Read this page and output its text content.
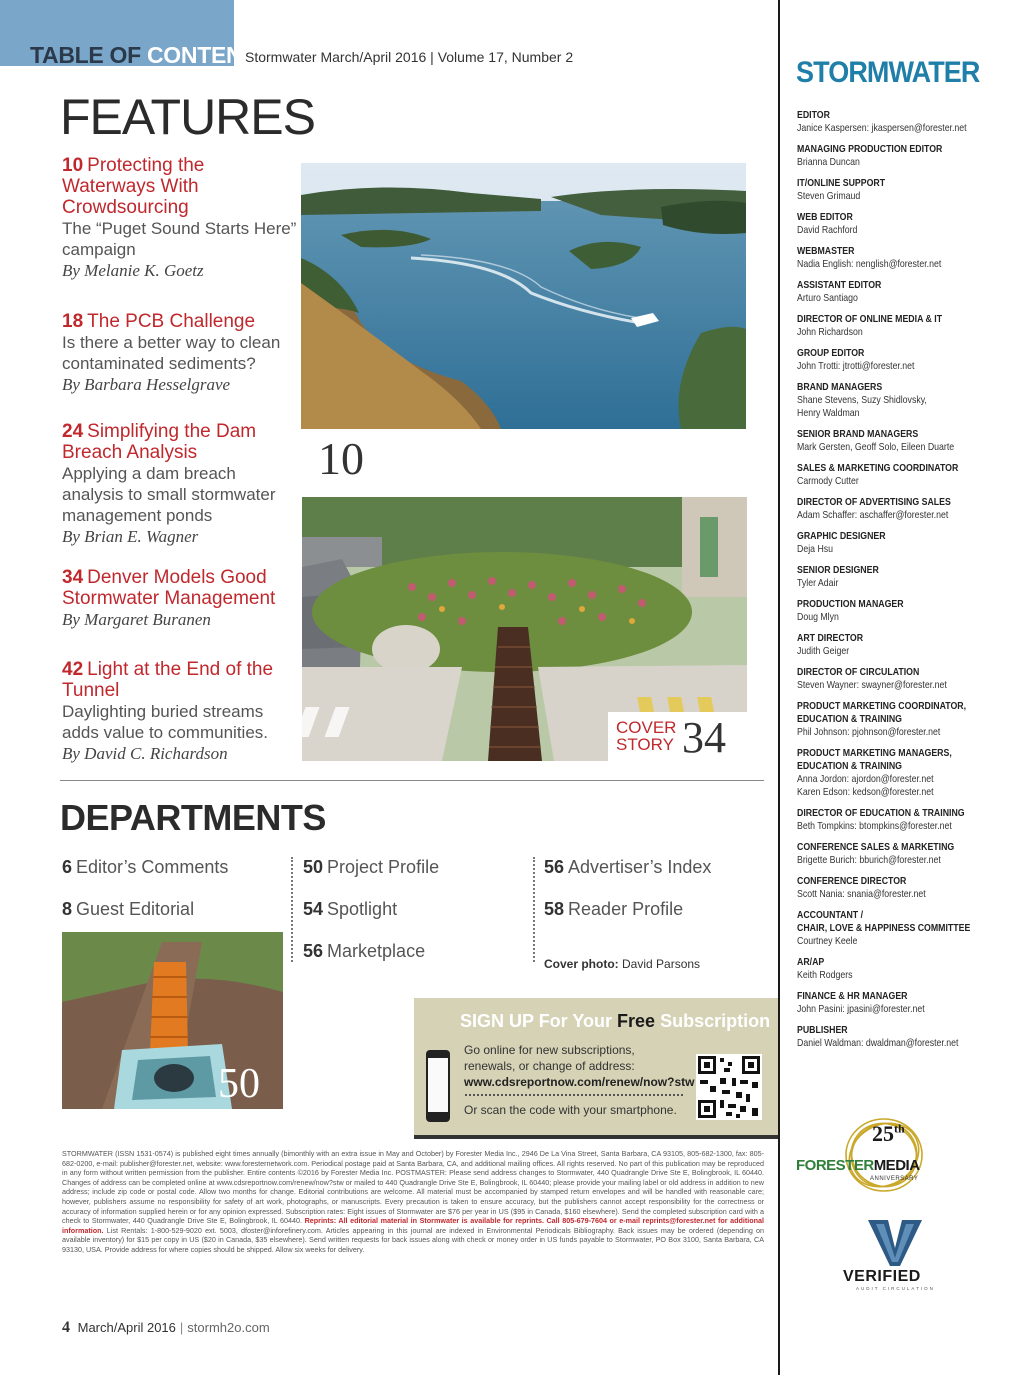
TABLE OF CONTENTS
Stormwater March/April 2016 | Volume 17, Number 2
FEATURES
10 Protecting the Waterways With Crowdsourcing
The “Puget Sound Starts Here” campaign
By Melanie K. Goetz
18 The PCB Challenge
Is there a better way to clean contaminated sediments?
By Barbara Hesselgrave
24 Simplifying the Dam Breach Analysis
Applying a dam breach analysis to small stormwater management ponds
By Brian E. Wagner
34 Denver Models Good Stormwater Management
By Margaret Buranen
42 Light at the End of the Tunnel
Daylighting buried streams adds value to communities.
By David C. Richardson
10
COVER
STORY 34
DEPARTMENTS
6 Editor’s Comments
8 Guest Editorial
50 Project Profile
54 Spotlight
56 Marketplace
56 Advertiser’s Index
58 Reader Profile
50
Cover photo: David Parsons
SIGN UP For Your Free Subscription
Go online for new subscriptions,
renewals, or change of address:
www.cdsreportnow.com/renew/now?stw
Or scan the code with your smartphone.
STORMWATER (ISSN 1531-0574) is published eight times annually (bimonthly with an extra issue in May and October) by Forester Media Inc., 2946 De La Vina Street, Santa Barbara, CA 93105, 805-682-1300, fax: 805-682-0200, e-mail: publisher@forester.net, website: www.foresternetwork.com. Periodical postage paid at Santa Barbara, CA, and additional mailing offices. All rights reserved. No part of this publication may be reproduced in any form without written permission from the publisher. Entire contents ©2016 by Forester Media Inc. POSTMASTER: Please send address changes to Stormwater, 440 Quadrangle Drive Ste E, Bolingbrook, IL 60440. Changes of address can be completed online at www.cdsreportnow.com/renew/now?stw or mailed to 440 Quadrangle Drive Ste E, Bolingbrook, IL 60440; please provide your mailing label or old address in addition to new address; include zip code or postal code. Allow two months for change. Editorial contributions are welcome. All material must be accompanied by stamped return envelopes and will be handled with reasonable care; however, publishers assume no responsibility for safety of art work, photographs, or manuscripts. Every precaution is taken to ensure accuracy, but the publishers cannot accept responsibility for the correctness or accuracy of information supplied herein or for any opinion expressed. Subscription rates: Eight issues of Stormwater are $76 per year in US ($95 in Canada, $160 elsewhere). Send the completed subscription card with a check to Stormwater, 440 Quadrangle Drive Ste E, Bolingbrook, IL 60440. Reprints: All editorial material in Stormwater is available for reprints. Call 805-679-7604 or e-mail reprints@forester.net for additional information. List Rentals: 1-800-529-9020 ext. 5003, dfoster@inforefinery.com. Articles appearing in this journal are indexed in Environmental Periodicals Bibliography. Back issues may be ordered (depending on available inventory) for $15 per copy in US ($20 in Canada, $35 elsewhere). Send written requests for back issues along with check or money order in US funds payable to Stormwater, PO Box 3100, Santa Barbara, CA 93130, USA. Provide address for where copies should be shipped. Allow six weeks for delivery.
4 March/April 2016 | stormh2o.com
STORMWATER
EDITOR
Janice Kaspersen: jkaspersen@forester.net
MANAGING PRODUCTION EDITOR
Brianna Duncan
IT/ONLINE SUPPORT
Steven Grimaud
WEB EDITOR
David Rachford
WEBMASTER
Nadia English: nenglish@forester.net
ASSISTANT EDITOR
Arturo Santiago
DIRECTOR OF ONLINE MEDIA & IT
John Richardson
GROUP EDITOR
John Trotti: jtrotti@forester.net
BRAND MANAGERS
Shane Stevens, Suzy Shidlovsky,
Henry Waldman
SENIOR BRAND MANAGERS
Mark Gersten, Geoff Solo, Eileen Duarte
SALES & MARKETING COORDINATOR
Carmody Cutter
DIRECTOR OF ADVERTISING SALES
Adam Schaffer: aschaffer@forester.net
GRAPHIC DESIGNER
Deja Hsu
SENIOR DESIGNER
Tyler Adair
PRODUCTION MANAGER
Doug Mlyn
ART DIRECTOR
Judith Geiger
DIRECTOR OF CIRCULATION
Steven Wayner: swayner@forester.net
PRODUCT MARKETING COORDINATOR,
EDUCATION & TRAINING
Phil Johnson: pjohnson@forester.net
PRODUCT MARKETING MANAGERS,
EDUCATION & TRAINING
Anna Jordon: ajordon@forester.net
Karen Edson: kedson@forester.net
DIRECTOR OF EDUCATION & TRAINING
Beth Tompkins: btompkins@forester.net
CONFERENCE SALES & MARKETING
Brigette Burich: bburich@forester.net
CONFERENCE DIRECTOR
Scott Nania: snania@forester.net
ACCOUNTANT /
CHAIR, LOVE & HAPPINESS COMMITTEE
Courtney Keele
AR/AP
Keith Rodgers
FINANCE & HR MANAGER
John Pasini: jpasini@forester.net
PUBLISHER
Daniel Waldman: dwaldman@forester.net
25th
FORESTERMEDIA
ANNIVERSARY
VERIFIED
AUDIT CIRCULATION
